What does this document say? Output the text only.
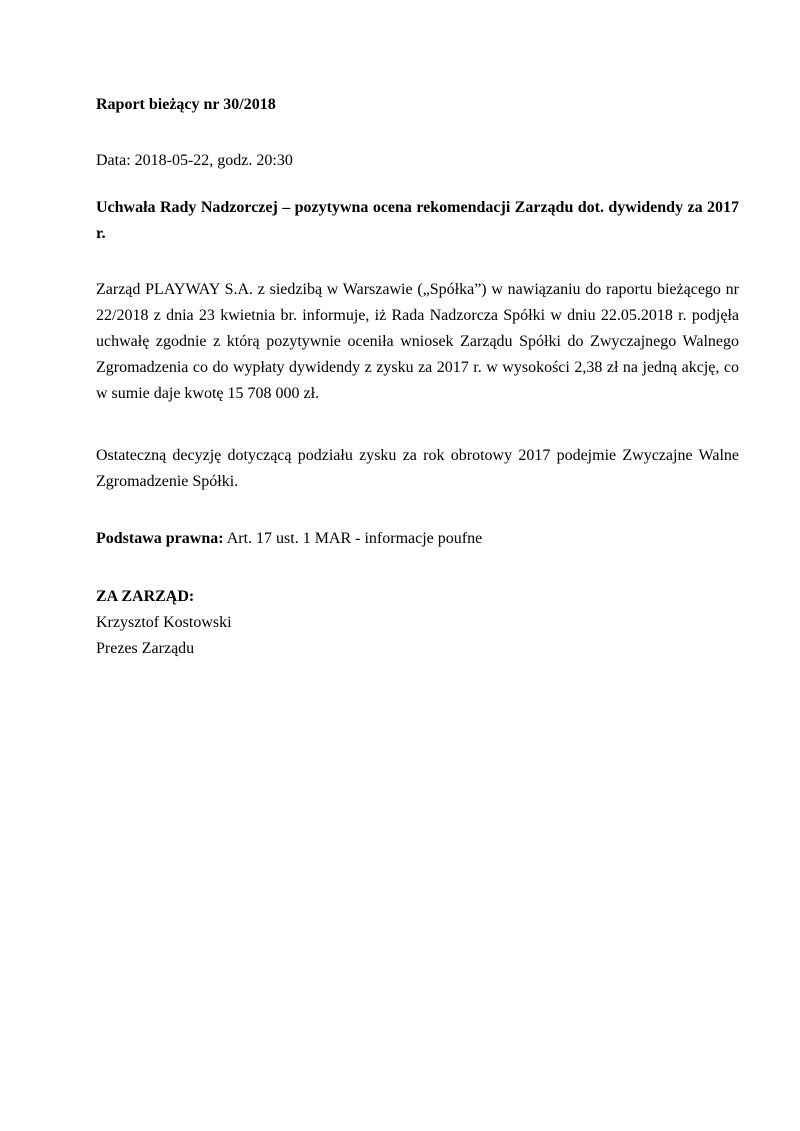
Raport bieżący nr 30/2018

Data: 2018-05-22, godz. 20:30

Uchwała Rady Nadzorczej – pozytywna ocena rekomendacji Zarządu dot. dywidendy za 2017 r.

Zarząd PLAYWAY S.A. z siedzibą w Warszawie („Spółka”) w nawiązaniu do raportu bieżącego nr 22/2018 z dnia 23 kwietnia br. informuje, iż Rada Nadzorcza Spółki w dniu 22.05.2018 r. podjęła uchwałę zgodnie z którą pozytywnie oceniła wniosek Zarządu Spółki do Zwyczajnego Walnego Zgromadzenia co do wypłaty dywidendy z zysku za 2017 r. w wysokości 2,38 zł na jedną akcję, co w sumie daje kwotę 15 708 000 zł.

Ostateczną decyzję dotyczącą podziału zysku za rok obrotowy 2017 podejmie Zwyczajne Walne Zgromadzenie Spółki.

Podstawa prawna: Art. 17 ust. 1 MAR - informacje poufne

ZA ZARZĄD:
Krzysztof Kostowski
Prezes Zarządu
